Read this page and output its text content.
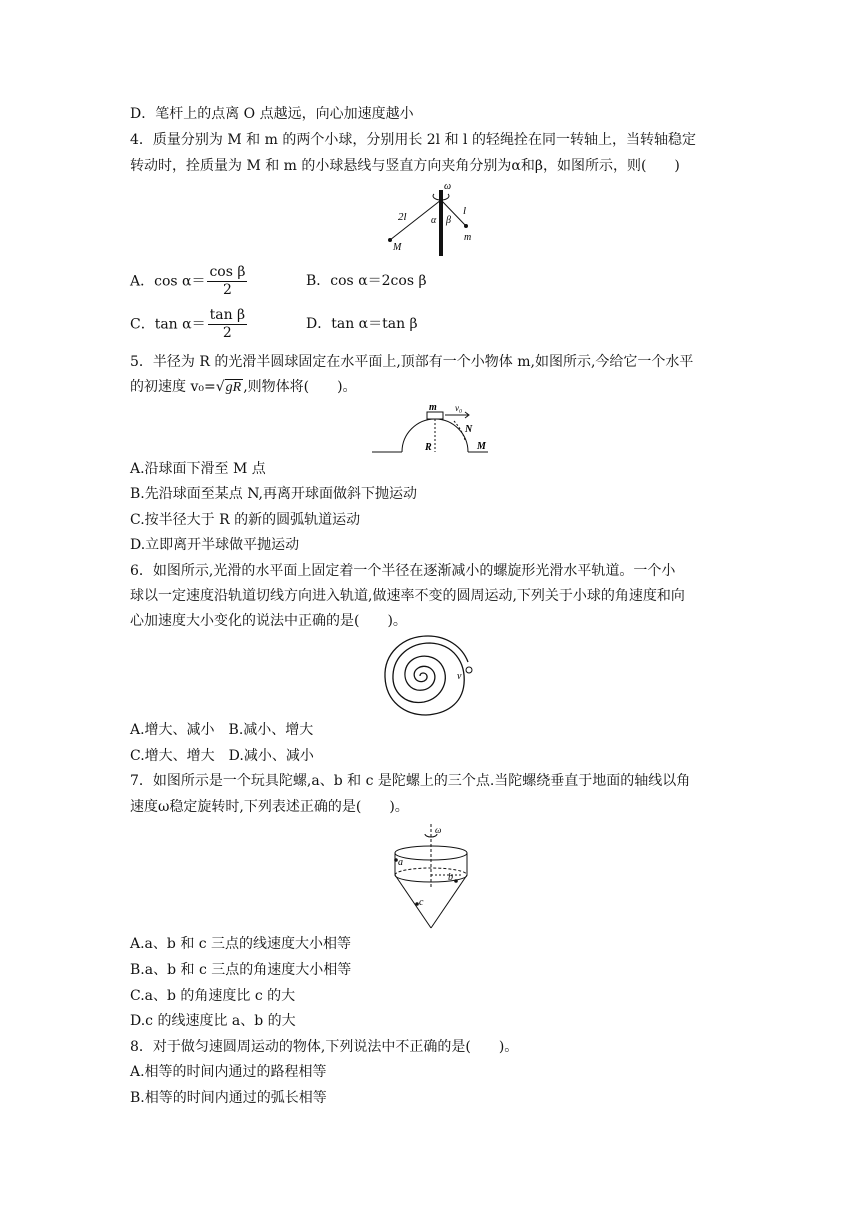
D．笔杆上的点离 O 点越远，向心加速度越小
4．质量分别为 M 和 m 的两个小球，分别用长 2l 和 l 的轻绳拴在同一转轴上，当转轴稳定
转动时，拴质量为 M 和 m 的小球悬线与竖直方向夹角分别为α和β，如图所示，则(　　)
ω
2l	l
α β
M
m
A．$\cos \alpha= \frac{\text{cos β}}{2}$	B．cos α＝2cos β
C．$\tan \alpha= \frac{\text{tan β}}{2}$	D．tan α＝tan β
5．半径为 R 的光滑半圆球固定在水平面上,顶部有一个小物体 m,如图所示,今给它一个水平
的初速度 v₀=√gR ,则物体将(　　)。
m v₀
N
R	M
A.沿球面下滑至 M 点
B.先沿球面至某点 N,再离开球面做斜下抛运动
C.按半径大于 R 的新的圆弧轨道运动
D.立即离开半球做平抛运动
6．如图所示,光滑的水平面上固定着一个半径在逐渐减小的螺旋形光滑水平轨道。一个小
球以一定速度沿轨道切线方向进入轨道,做速率不变的圆周运动,下列关于小球的角速度和向
心加速度大小变化的说法中正确的是(　　)。
v
A.增大、减小　B.减小、增大
C.增大、增大　D.减小、减小
7．如图所示是一个玩具陀螺,a、b 和 c 是陀螺上的三个点.当陀螺绕垂直于地面的轴线以角
速度ω稳定旋转时,下列表述正确的是(　　)。
ω
a
b
c
A.a、b 和 c 三点的线速度大小相等
B.a、b 和 c 三点的角速度大小相等
C.a、b 的角速度比 c 的大
D.c 的线速度比 a、b 的大
8．对于做匀速圆周运动的物体,下列说法中不正确的是(　　)。
A.相等的时间内通过的路程相等
B.相等的时间内通过的弧长相等
